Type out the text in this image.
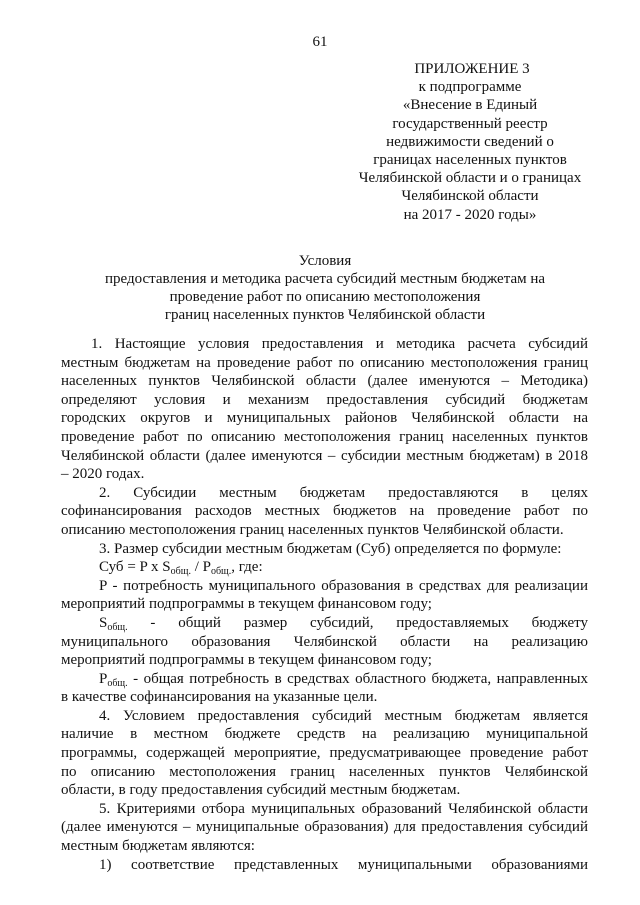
61
ПРИЛОЖЕНИЕ 3
к подпрограмме
«Внесение в Единый
государственный реестр
недвижимости сведений о
границах населенных пунктов
Челябинской области и о границах
Челябинской области
на 2017 - 2020 годы»
Условия
предоставления и методика расчета субсидий местным бюджетам на
проведение работ по описанию местоположения
границ населенных пунктов Челябинской области
1. Настоящие условия предоставления и методика расчета субсидий
местным бюджетам на проведение работ по описанию местоположения границ
населенных пунктов Челябинской области (далее именуются – Методика)
определяют условия и механизм предоставления субсидий бюджетам
городских округов и муниципальных районов Челябинской области на
проведение работ по описанию местоположения границ населенных пунктов
Челябинской области (далее именуются – субсидии местным бюджетам) в 2018
– 2020 годах.
2. Субсидии местным бюджетам предоставляются в целях
софинансирования расходов местных бюджетов на проведение работ по
описанию местоположения границ населенных пунктов Челябинской области.
3. Размер субсидии местным бюджетам (Суб) определяется по формуле:
Суб = P x $S_{общ.} / P_{общ.}$, где:
P - потребность муниципального образования в средствах для реализации
мероприятий подпрограммы в текущем финансовом году;
$S_{общ.}$ - общий размер субсидий, предоставляемых бюджету
муниципального образования Челябинской области на реализацию
мероприятий подпрограммы в текущем финансовом году;
$P_{общ.}$ - общая потребность в средствах областного бюджета, направленных
в качестве софинансирования на указанные цели.
4. Условием предоставления субсидий местным бюджетам является
наличие в местном бюджете средств на реализацию муниципальной
программы, содержащей мероприятие, предусматривающее проведение работ
по описанию местоположения границ населенных пунктов Челябинской
области, в году предоставления субсидий местным бюджетам.
5. Критериями отбора муниципальных образований Челябинской области
(далее именуются – муниципальные образования) для предоставления субсидий
местным бюджетам являются:
1) соответствие представленных муниципальными образованиями
